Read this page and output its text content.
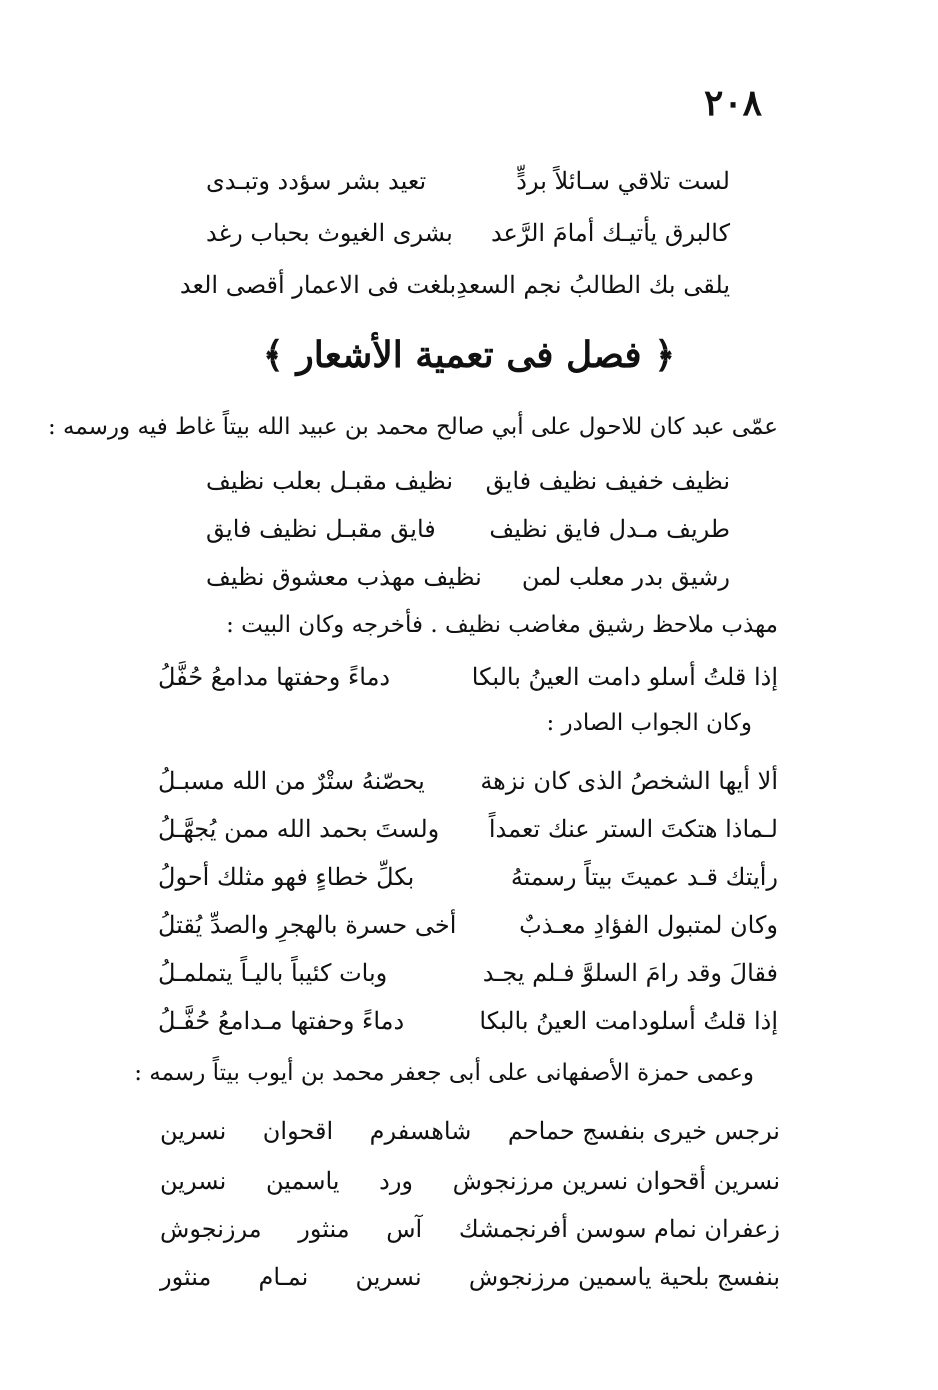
٢٠٨
لست تلاقي سـائلاً بردٍّ
تعيد بشر سؤدد وتبـدى
كالبرق يأتيـك أمامَ الرَّعد
بشرى الغيوث بحباب رغد
يلقى بك الطالبُ نجم السعدِ
بلغت فى الاعمار أقصى العد
﴿ فصل فى تعمية الأشعار ﴾
عمّى عبد كان للاحول على أبي صالح محمد بن عبيد الله بيتاً غاط فيه ورسمه :
نظيف خفيف نظيف فايق
نظيف مقبـل بعلب نظيف
طريف مـدل فايق نظيف
فايق مقبـل نظيف فايق
رشيق بدر معلب لمن
نظيف مهذب معشوق نظيف
مهذب ملاحظ رشيق مغاضب نظيف . فأخرجه وكان البيت :
إذا قلتُ أسلو دامت العينُ بالبكا
دماءً وحفتها مدامعُ حُفَّلُ
وكان الجواب الصادر :
ألا أيها الشخصُ الذى كان نزهة
يحصّنهُ ستْرٌ من الله مسبـلُ
لـماذا هتكتَ الستر عنك تعمداً
ولستَ بحمد الله ممن يُجهَّـلُ
رأيتك قـد عميتَ بيتاً رسمتهُ
بكلِّ خطاءٍ فهو مثلك أحولُ
وكان لمتبول الفؤادِ معـذبٌ
أخى حسرة بالهجرِ والصدِّ يُقتلُ
فقالَ وقد رامَ السلوَّ فـلم يجـد
وبات كئيباً باليـاً يتملمـلُ
إذا قلتُ أسلودامت العينُ بالبكا
دماءً وحفتها مـدامعُ حُفَّـلُ
وعمى حمزة الأصفهانى على أبى جعفر محمد بن أيوب بيتاً رسمه :
نرجس خيرى بنفسج حماحم
شاهسفرم
اقحوان
نسرين
نسرين أقحوان نسرين مرزنجوش
ورد
ياسمين
نسرين
زعفران نمام سوسن أفرنجمشك
آس
منثور
مرزنجوش
بنفسج بلحية ياسمين مرزنجوش
نسرين
نمـام
منثور
